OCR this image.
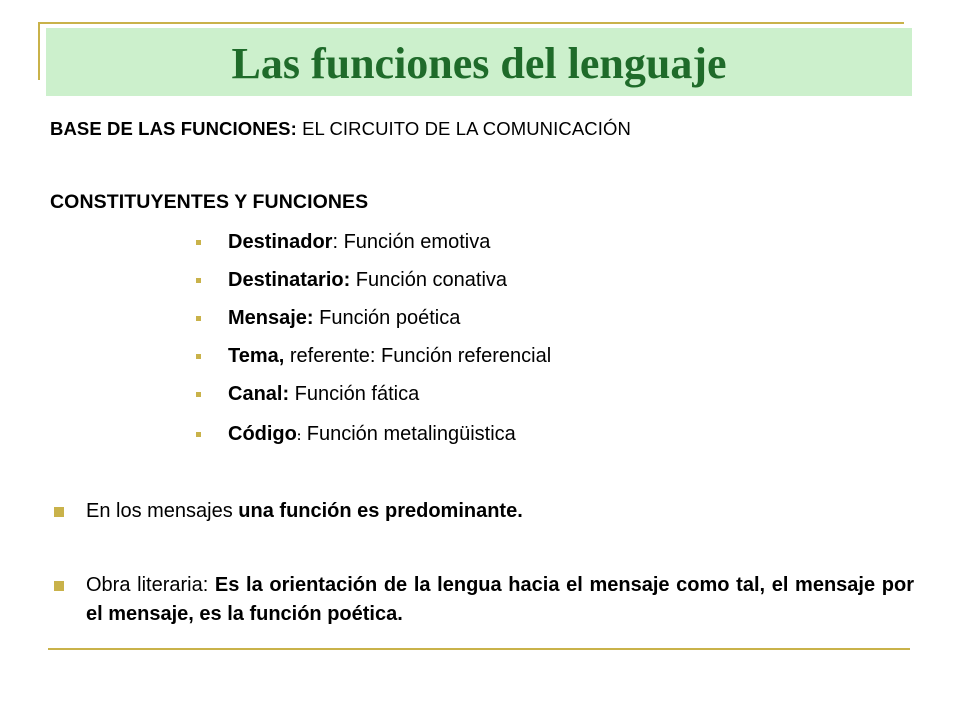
Las funciones del lenguaje
BASE DE LAS FUNCIONES: EL CIRCUITO DE LA COMUNICACIÓN
CONSTITUYENTES Y FUNCIONES
Destinador: Función emotiva
Destinatario: Función conativa
Mensaje: Función poética
Tema, referente: Función referencial
Canal: Función fática
Código: Función metalingüistica
En los mensajes una función es predominante.
Obra literaria: Es la orientación de la lengua hacia el mensaje como tal, el mensaje por el mensaje, es la función poética.
